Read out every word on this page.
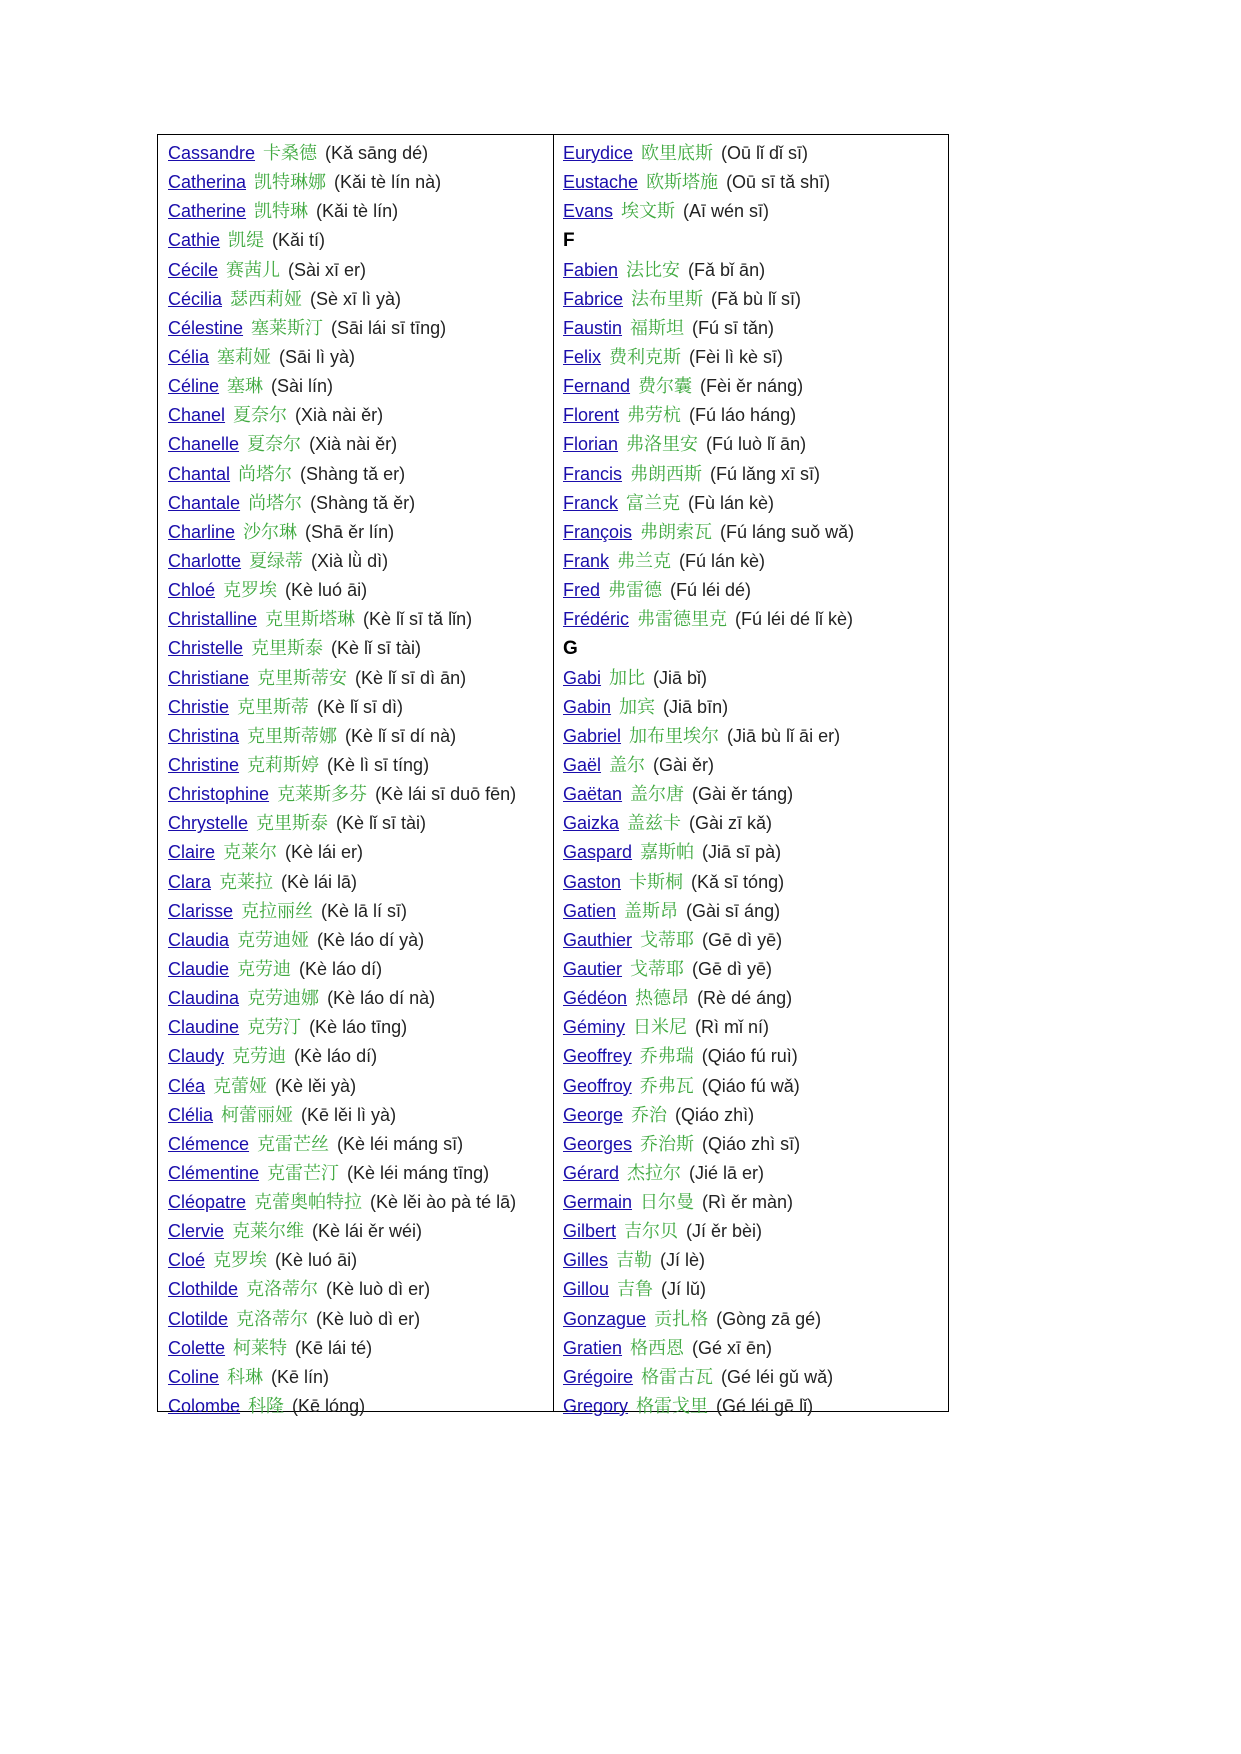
Cassandre 卡桑德 (Kǎ sāng dé)
Catherina 凯特琳娜 (Kǎi tè lín nà)
Catherine 凯特琳 (Kǎi tè lín)
Cathie 凯缇 (Kǎi tí)
Cécile 赛茜儿 (Sài xī er)
Cécilia 瑟西莉娅 (Sè xī lì yà)
Célestine 塞莱斯汀 (Sāi lái sī tīng)
Célia 塞莉娅 (Sāi lì yà)
Céline 塞琳 (Sài lín)
Chanel 夏奈尔 (Xià nài ěr)
Chanelle 夏奈尔 (Xià nài ěr)
Chantal 尚塔尔 (Shàng tǎ er)
Chantale 尚塔尔 (Shàng tǎ ěr)
Charline 沙尔琳 (Shā ěr lín)
Charlotte 夏绿蒂 (Xià lǜ dì)
Chloé 克罗埃 (Kè luó āi)
Christalline 克里斯塔琳 (Kè lǐ sī tǎ lǐn)
Christelle 克里斯泰 (Kè lǐ sī tài)
Christiane 克里斯蒂安 (Kè lǐ sī dì ān)
Christie 克里斯蒂 (Kè lǐ sī dì)
Christina 克里斯蒂娜 (Kè lǐ sī dí nà)
Christine 克莉斯婷 (Kè lì sī tíng)
Christophine 克莱斯多芬 (Kè lái sī duō fēn)
Chrystelle 克里斯泰 (Kè lǐ sī tài)
Claire 克莱尔 (Kè lái er)
Clara 克莱拉 (Kè lái lā)
Clarisse 克拉丽丝 (Kè lā lí sī)
Claudia 克劳迪娅 (Kè láo dí yà)
Claudie 克劳迪 (Kè láo dí)
Claudina 克劳迪娜 (Kè láo dí nà)
Claudine 克劳汀 (Kè láo tīng)
Claudy 克劳迪 (Kè láo dí)
Cléa 克蕾娅 (Kè lěi yà)
Clélia 柯蕾丽娅 (Kē lěi lì yà)
Clémence 克雷芒丝 (Kè léi máng sī)
Clémentine 克雷芒汀 (Kè léi máng tīng)
Cléopatre 克蕾奥帕特拉 (Kè lěi ào pà té lā)
Clervie 克莱尔维 (Kè lái ěr wéi)
Cloé 克罗埃 (Kè luó āi)
Clothilde 克洛蒂尔 (Kè luò dì er)
Clotilde 克洛蒂尔 (Kè luò dì er)
Colette 柯莱特 (Kē lái té)
Coline 科琳 (Kē lín)
Colombe 科隆 (Kē lóng)
Eurydice 欧里底斯 (Oū lǐ dǐ sī)
Eustache 欧斯塔施 (Oū sī tǎ shī)
Evans 埃文斯 (Aī wén sī)
F
Fabien 法比安 (Fǎ bǐ ān)
Fabrice 法布里斯 (Fǎ bù lǐ sī)
Faustin 福斯坦 (Fú sī tǎn)
Felix 费利克斯 (Fèi lì kè sī)
Fernand 费尔囊 (Fèi ěr náng)
Florent 弗劳杭 (Fú láo háng)
Florian 弗洛里安 (Fú luò lǐ ān)
Francis 弗朗西斯 (Fú lǎng xī sī)
Franck 富兰克 (Fù lán kè)
François 弗朗索瓦 (Fú láng suǒ wǎ)
Frank 弗兰克 (Fú lán kè)
Fred 弗雷德 (Fú léi dé)
Frédéric 弗雷德里克 (Fú léi dé lǐ kè)
G
Gabi 加比 (Jiā bǐ)
Gabin 加宾 (Jiā bīn)
Gabriel 加布里埃尔 (Jiā bù lǐ āi er)
Gaël 盖尔 (Gài ěr)
Gaëtan 盖尔唐 (Gài ěr táng)
Gaizka 盖兹卡 (Gài zī kǎ)
Gaspard 嘉斯帕 (Jiā sī pà)
Gaston 卡斯桐 (Kǎ sī tóng)
Gatien 盖斯昂 (Gài sī áng)
Gauthier 戈蒂耶 (Gē dì yē)
Gautier 戈蒂耶 (Gē dì yē)
Gédéon 热德昂 (Rè dé áng)
Géminy 日米尼 (Rì mǐ ní)
Geoffrey 乔弗瑞 (Qiáo fú ruì)
Geoffroy 乔弗瓦 (Qiáo fú wǎ)
George 乔治 (Qiáo zhì)
Georges 乔治斯 (Qiáo zhì sī)
Gérard 杰拉尔 (Jié lā er)
Germain 日尔曼 (Rì ěr màn)
Gilbert 吉尔贝 (Jí ěr bèi)
Gilles 吉勒 (Jí lè)
Gillou 吉鲁 (Jí lǔ)
Gonzague 贡扎格 (Gòng zā gé)
Gratien 格西恩 (Gé xī ēn)
Grégoire 格雷古瓦 (Gé léi gǔ wǎ)
Gregory 格雷戈里 (Gé léi gē lǐ)
